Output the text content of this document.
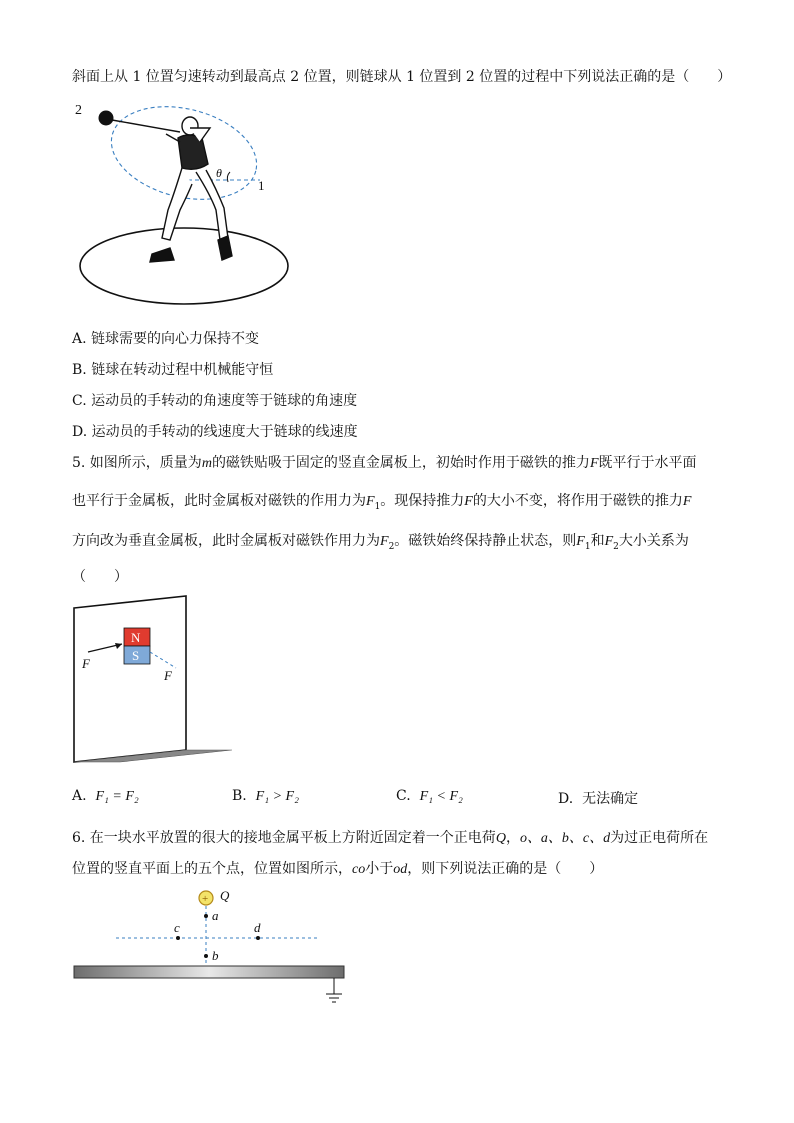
斜面上从 1 位置匀速转动到最高点 2 位置，则链球从 1 位置到 2 位置的过程中下列说法正确的是（　　）
2
1
θ
A. 链球需要的向心力保持不变
B. 链球在转动过程中机械能守恒
C. 运动员的手转动的角速度等于链球的角速度
D. 运动员的手转动的线速度大于链球的线速度
5. 如图所示，质量为m的磁铁贴吸于固定的竖直金属板上，初始时作用于磁铁的推力F既平行于水平面
也平行于金属板，此时金属板对磁铁的作用力为$F_1$。现保持推力F的大小不变，将作用于磁铁的推力F
方向改为垂直金属板，此时金属板对磁铁作用力为$F_2$。磁铁始终保持静止状态，则$F_1$和$F_2$大小关系为
（　　）
N
S
F
F
A. F₁ = F₂	B. F₁ > F₂	C. F₁ < F₂	D. 无法确定
6. 在一块水平放置的很大的接地金属平板上方附近固定着一个正电荷Q，o、a、b、c、d为过正电荷所在
位置的竖直平面上的五个点，位置如图所示，co小于od，则下列说法正确的是（　　）
+ Q
a
c	d
b
